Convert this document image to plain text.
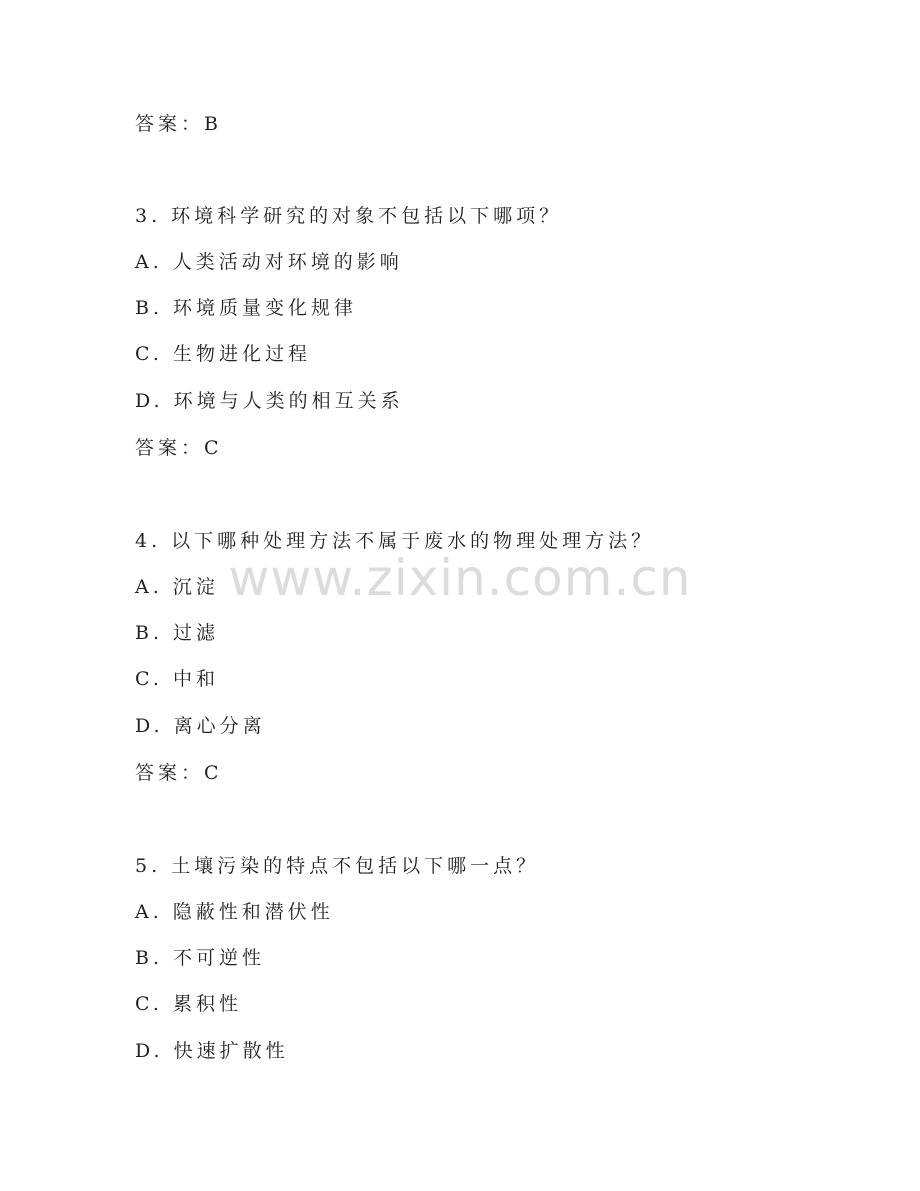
www.zixin.com.cn
答案：B
3. 环境科学研究的对象不包括以下哪项？
A. 人类活动对环境的影响
B. 环境质量变化规律
C. 生物进化过程
D. 环境与人类的相互关系
答案：C
4. 以下哪种处理方法不属于废水的物理处理方法？
A. 沉淀
B. 过滤
C. 中和
D. 离心分离
答案：C
5. 土壤污染的特点不包括以下哪一点？
A. 隐蔽性和潜伏性
B. 不可逆性
C. 累积性
D. 快速扩散性
